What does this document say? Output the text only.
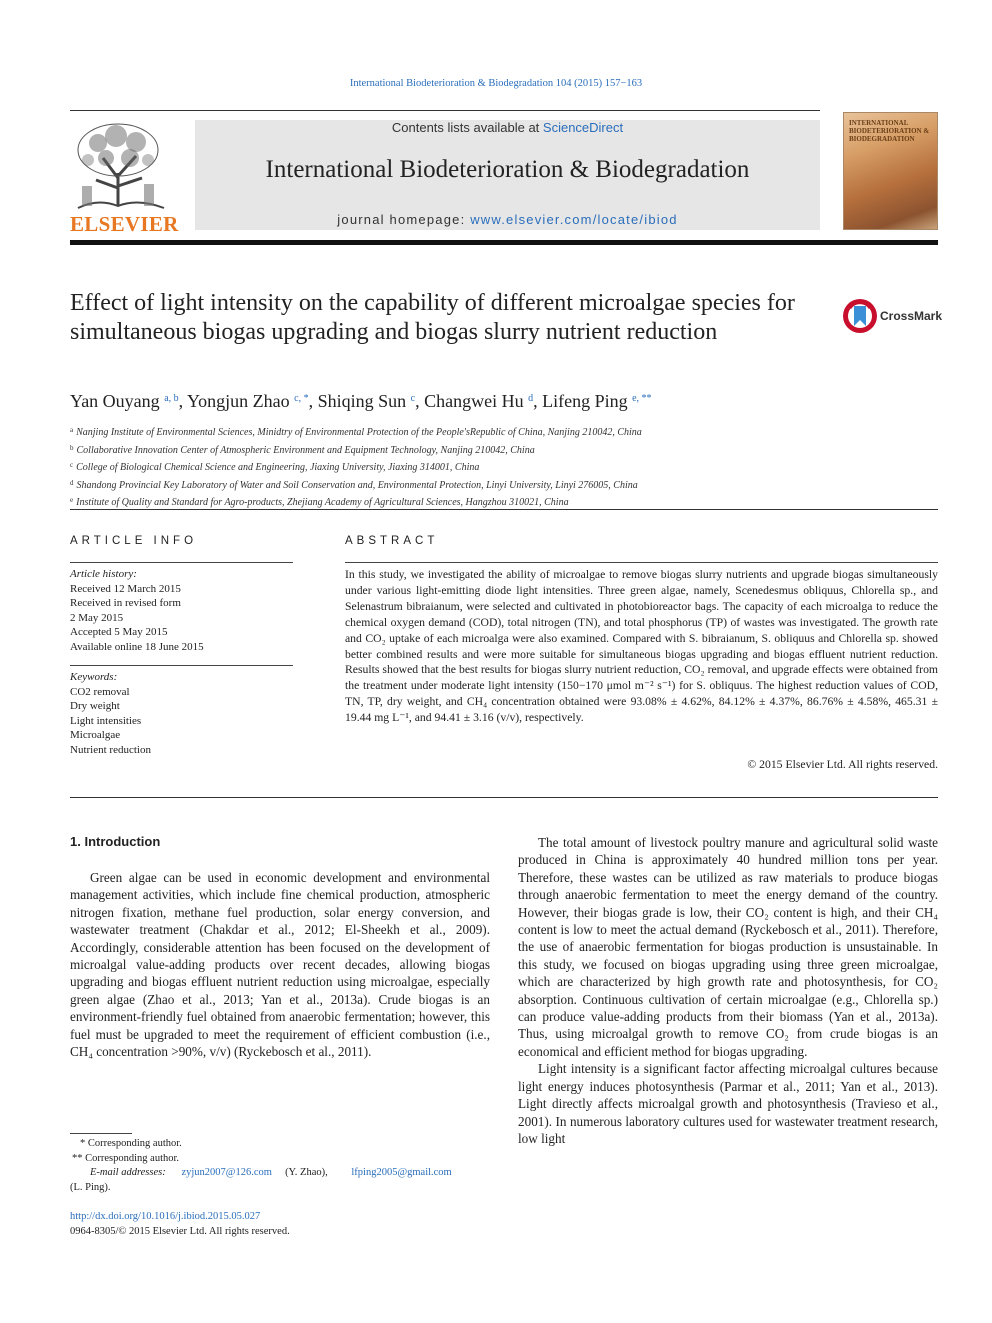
International Biodeterioration & Biodegradation 104 (2015) 157−163
ELSEVIER
Contents lists available at ScienceDirect
International Biodeterioration & Biodegradation
journal homepage: www.elsevier.com/locate/ibiod
INTERNATIONAL BIODETERIORATION & BIODEGRADATION
Effect of light intensity on the capability of different microalgae species for simultaneous biogas upgrading and biogas slurry nutrient reduction
CrossMark
Yan Ouyang $^{a, b}$, Yongjun Zhao $^{c, *}$, Shiqing Sun $^c$, Changwei Hu $^d$, Lifeng Ping $^{e, **}$
$^a$ Nanjing Institute of Environmental Sciences, Minidtry of Environmental Protection of the People'sRepublic of China, Nanjing 210042, China
$^b$ Collaborative Innovation Center of Atmospheric Environment and Equipment Technology, Nanjing 210042, China
$^c$ College of Biological Chemical Science and Engineering, Jiaxing University, Jiaxing 314001, China
$^d$ Shandong Provincial Key Laboratory of Water and Soil Conservation and, Environmental Protection, Linyi University, Linyi 276005, China
$^e$ Institute of Quality and Standard for Agro-products, Zhejiang Academy of Agricultural Sciences, Hangzhou 310021, China
ARTICLE INFO	ABSTRACT
Article history:
Received 12 March 2015
Received in revised form
2 May 2015
Accepted 5 May 2015
Available online 18 June 2015
Keywords:
CO2 removal
Dry weight
Light intensities
Microalgae
Nutrient reduction
In this study, we investigated the ability of microalgae to remove biogas slurry nutrients and upgrade biogas simultaneously under various light-emitting diode light intensities. Three green algae, namely, Scenedesmus obliquus, Chlorella sp., and Selenastrum bibraianum, were selected and cultivated in photobioreactor bags. The capacity of each microalga to reduce the chemical oxygen demand (COD), total nitrogen (TN), and total phosphorus (TP) of wastes was investigated. The growth rate and CO₂ uptake of each microalga were also examined. Compared with S. bibraianum, S. obliquus and Chlorella sp. showed better combined results and were more suitable for simultaneous biogas upgrading and biogas effluent nutrient reduction. Results showed that the best results for biogas slurry nutrient reduction, CO₂ removal, and upgrade effects were obtained from the treatment under moderate light intensity (150−170 μmol m⁻² s⁻¹) for S. obliquus. The highest reduction values of COD, TN, TP, dry weight, and CH₄ concentration obtained were 93.08% ± 4.62%, 84.12% ± 4.37%, 86.76% ± 4.58%, 465.31 ± 19.44 mg L⁻¹, and 94.41 ± 3.16 (v/v), respectively.
© 2015 Elsevier Ltd. All rights reserved.
1. Introduction
Green algae can be used in economic development and environmental management activities, which include fine chemical production, atmospheric nitrogen fixation, methane fuel production, solar energy conversion, and wastewater treatment (Chakdar et al., 2012; El-Sheekh et al., 2009). Accordingly, considerable attention has been focused on the development of microalgal value-adding products over recent decades, allowing biogas upgrading and biogas effluent nutrient reduction using microalgae, especially green algae (Zhao et al., 2013; Yan et al., 2013a). Crude biogas is an environment-friendly fuel obtained from anaerobic fermentation; however, this fuel must be upgraded to meet the requirement of efficient combustion (i.e., CH₄ concentration >90%, v/v) (Ryckebosch et al., 2011).

The total amount of livestock poultry manure and agricultural solid waste produced in China is approximately 40 hundred million tons per year. Therefore, these wastes can be utilized as raw materials to produce biogas through anaerobic fermentation to meet the energy demand of the country. However, their biogas grade is low, their CO₂ content is high, and their CH₄ content is low to meet the actual demand (Ryckebosch et al., 2011). Therefore, the use of anaerobic fermentation for biogas production is unsustainable. In this study, we focused on biogas upgrading using three green microalgae, which are characterized by high growth rate and photosynthesis, for CO₂ absorption. Continuous cultivation of certain microalgae (e.g., Chlorella sp.) can produce value-adding products from their biomass (Yan et al., 2013a). Thus, using microalgal growth to remove CO₂ from crude biogas is an economical and efficient method for biogas upgrading.

Light intensity is a significant factor affecting microalgal cultures because light energy induces photosynthesis (Parmar et al., 2011; Yan et al., 2013). Light directly affects microalgal growth and photosynthesis (Travieso et al., 2001). In numerous laboratory cultures used for wastewater treatment research, low light

* Corresponding author.
** Corresponding author.
E-mail addresses: zyjun2007@126.com (Y. Zhao), lfping2005@gmail.com
(L. Ping).
http://dx.doi.org/10.1016/j.ibiod.2015.05.027
0964-8305/© 2015 Elsevier Ltd. All rights reserved.
